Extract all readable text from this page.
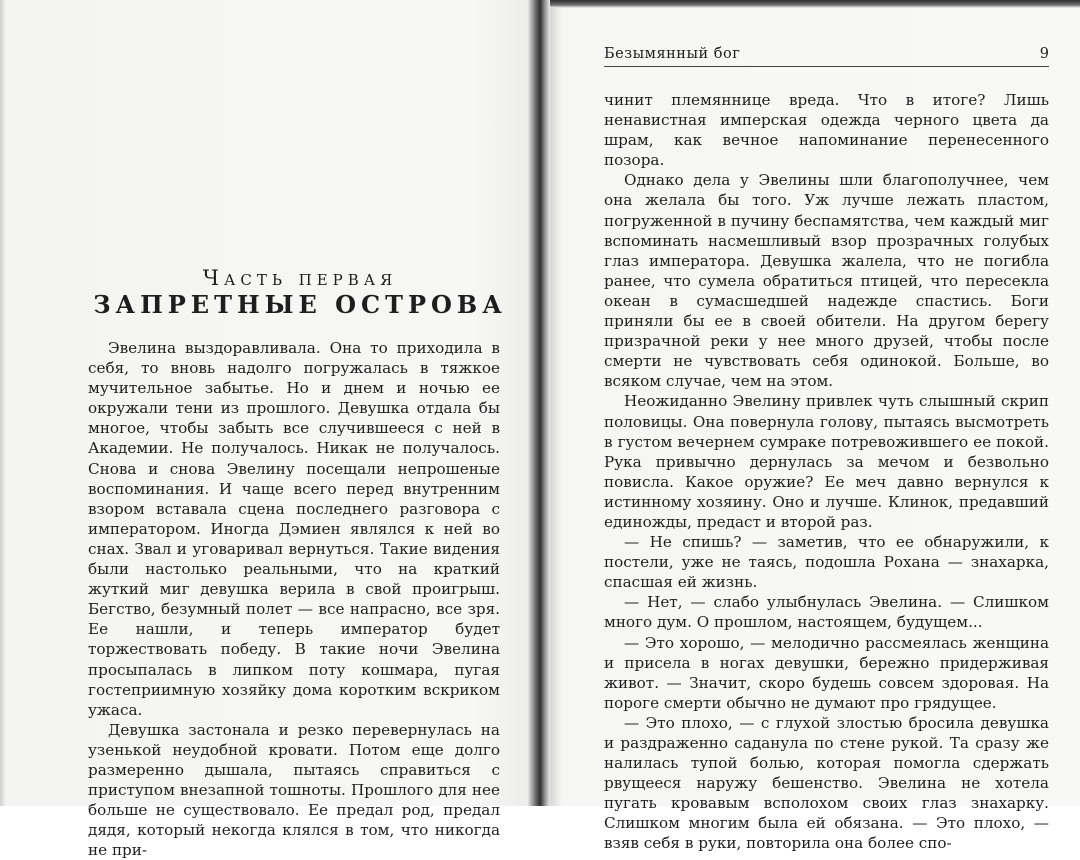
Часть первая
ЗАПРЕТНЫЕ ОСТРОВА

Эвелина выздоравливала. Она то приходила в себя, то вновь надолго погружалась в тяжкое мучительное забытье. Но и днем и ночью ее окружали тени из прошлого. Девушка отдала бы многое, чтобы забыть все случившееся с ней в Академии. Не получалось. Никак не получалось. Снова и снова Эвелину посещали непрошеные воспоминания. И чаще всего перед внутренним взором вставала сцена последнего разговора с императором. Иногда Дэмиен являлся к ней во снах. Звал и уговаривал вернуться. Такие видения были настолько реальными, что на краткий жуткий миг девушка верила в свой проигрыш. Бегство, безумный полет — все напрасно, все зря. Ее нашли, и теперь император будет торжествовать победу. В такие ночи Эвелина просыпалась в липком поту кошмара, пугая гостеприимную хозяйку дома коротким вскриком ужаса.

Девушка застонала и резко перевернулась на узенькой неудобной кровати. Потом еще долго размеренно дышала, пытаясь справиться с приступом внезапной тошноты. Прошлого для нее больше не существовало. Ее предал род, предал дядя, который некогда клялся в том, что никогда не при-

Безымянный бог	9

чинит племяннице вреда. Что в итоге? Лишь ненавистная имперская одежда черного цвета да шрам, как вечное напоминание перенесенного позора.

Однако дела у Эвелины шли благополучнее, чем она желала бы того. Уж лучше лежать пластом, погруженной в пучину беспамятства, чем каждый миг вспоминать насмешливый взор прозрачных голубых глаз императора. Девушка жалела, что не погибла ранее, что сумела обратиться птицей, что пересекла океан в сумасшедшей надежде спастись. Боги приняли бы ее в своей обители. На другом берегу призрачной реки у нее много друзей, чтобы после смерти не чувствовать себя одинокой. Больше, во всяком случае, чем на этом.

Неожиданно Эвелину привлек чуть слышный скрип половицы. Она повернула голову, пытаясь высмотреть в густом вечернем сумраке потревожившего ее покой. Рука привычно дернулась за мечом и безвольно повисла. Какое оружие? Ее меч давно вернулся к истинному хозяину. Оно и лучше. Клинок, предавший единожды, предаст и второй раз.

— Не спишь? — заметив, что ее обнаружили, к постели, уже не таясь, подошла Рохана — знахарка, спасшая ей жизнь.

— Нет, — слабо улыбнулась Эвелина. — Слишком много дум. О прошлом, настоящем, будущем...

— Это хорошо, — мелодично рассмеялась женщина и присела в ногах девушки, бережно придерживая живот. — Значит, скоро будешь совсем здоровая. На пороге смерти обычно не думают про грядущее.

— Это плохо, — с глухой злостью бросила девушка и раздраженно саданула по стене рукой. Та сразу же налилась тупой болью, которая помогла сдержать рвущееся наружу бешенство. Эвелина не хотела пугать кровавым всполохом своих глаз знахарку. Слишком многим была ей обязана. — Это плохо, — взяв себя в руки, повторила она более спо-
